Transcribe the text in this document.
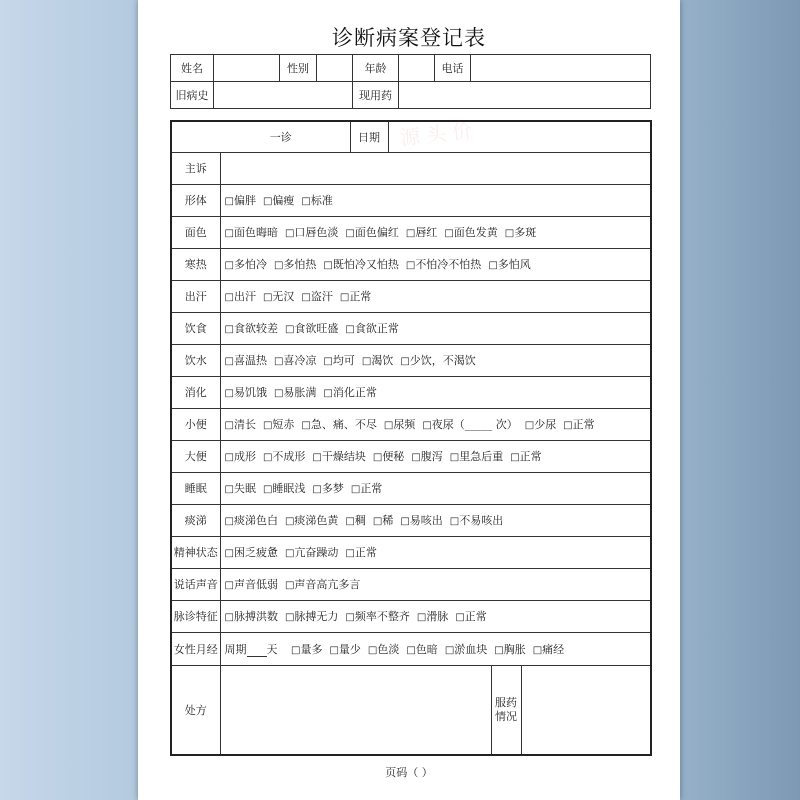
诊断病案登记表
姓名		性别		年龄		电话	
旧病史				现用药			
一诊		日期			
主诉					
形体	□偏胖 □偏瘦 □标准				
面色	□面色晦暗 □口唇色淡 □面色偏红 □唇红 □面色发黄 □多斑				
寒热	□多怕冷 □多怕热 □既怕冷又怕热 □不怕冷不怕热 □多怕风				
出汗	□出汗 □无汉 □盗汗 □正常				
饮食	□食欲较差 □食欲旺盛 □食欲正常				
饮水	□喜温热 □喜冷凉 □均可 □渴饮 □少饮，不渴饮				
消化	□易饥饿 □易胀满 □消化正常				
小便	□清长 □短赤 □急、痛、不尽 □尿频 □夜尿（_____ 次） □少尿 □正常				
大便	□成形 □不成形 □干燥结块 □便秘 □腹泻 □里急后重 □正常				
睡眠	□失眠 □睡眠浅 □多梦 □正常				
痰涕	□痰涕色白 □痰涕色黄 □稠 □稀 □易咳出 □不易咳出				
精神状态	□困乏疲惫 □亢奋躁动 □正常				
说话声音	□声音低弱 □声音高亢多言				
脉诊特征	□脉搏洪数 □脉搏无力 □频率不整齐 □滑脉 □正常				
女性月经	周期 天 □量多 □量少 □色淡 □色暗 □淤血块 □胸胀 □痛经				
处方				服药情况	
页码（ ）
源头价
